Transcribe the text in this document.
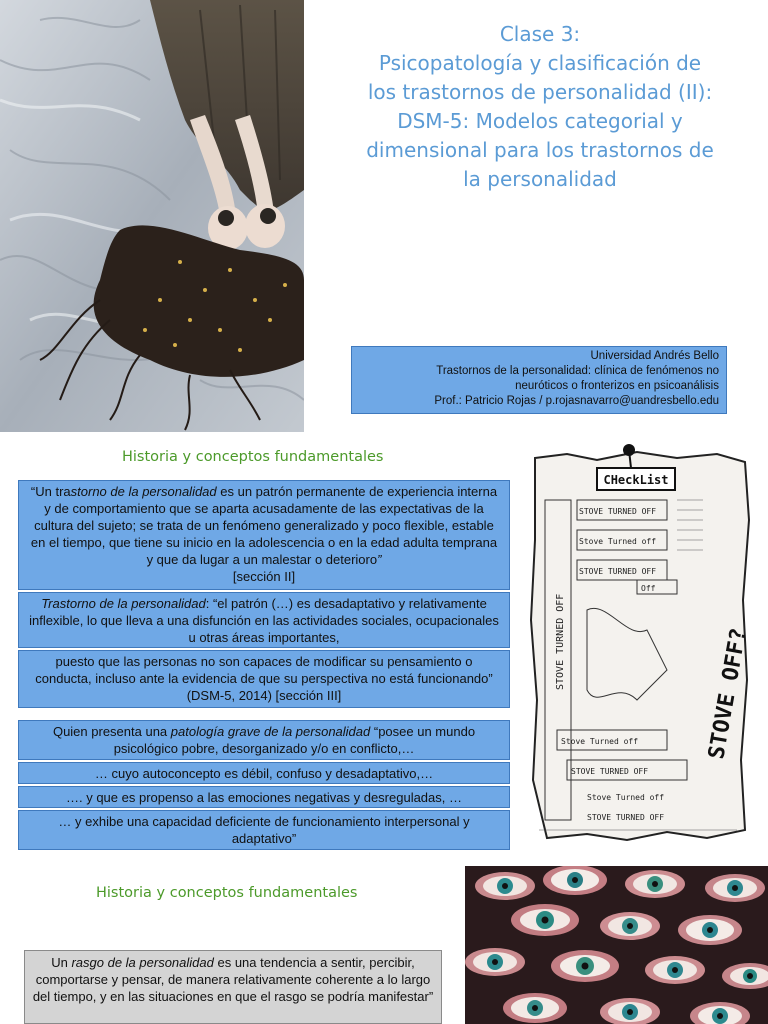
Clase 3:
Psicopatología y clasificación de
los trastornos de personalidad (II):
DSM-5: Modelos categorial y
dimensional para los trastornos de
la personalidad
Universidad Andrés Bello
Trastornos de la personalidad: clínica de fenómenos no
neuróticos o fronterizos en psicoanálisis
Prof.: Patricio Rojas / p.rojasnavarro@uandresbello.edu
Historia y conceptos fundamentales
“Un trastorno de la personalidad es un patrón permanente de experiencia interna y de comportamiento que se aparta acusadamente de las expectativas de la cultura del sujeto; se trata de un fenómeno generalizado y poco flexible, estable en el tiempo, que tiene su inicio en la adolescencia o en la edad adulta temprana y que da lugar a un malestar o deterioro”
[sección II]
Trastorno de la personalidad: “el patrón (…) es desadaptativo y relativamente inflexible, lo que lleva a una disfunción en las actividades sociales, ocupacionales u otras áreas importantes,
puesto que las personas no son capaces de modificar su pensamiento o conducta, incluso ante la evidencia de que su perspectiva no está funcionando” (DSM-5, 2014) [sección III]
Quien presenta una patología grave de la personalidad “posee un mundo psicológico pobre, desorganizado y/o en conflicto,…
… cuyo autoconcepto es débil, confuso y desadaptativo,…
…. y que es propenso a las emociones negativas y desreguladas, …
… y exhibe una capacidad deficiente de funcionamiento interpersonal y adaptativo”
CHeckList
STOVE TURNED OFF
Stove Turned off
STOVE TURNED OFF
Off
Stove Turned off
STOVE TURNED OFF
Stove Turned off
STOVE TURNED OFF
STOVE OFF?
STOVE TURNED OFF
Historia y conceptos fundamentales
Un rasgo de la personalidad es una tendencia a sentir, percibir, comportarse y pensar, de manera relativamente coherente a lo largo del tiempo, y en las situaciones en que el rasgo se podría manifestar”
